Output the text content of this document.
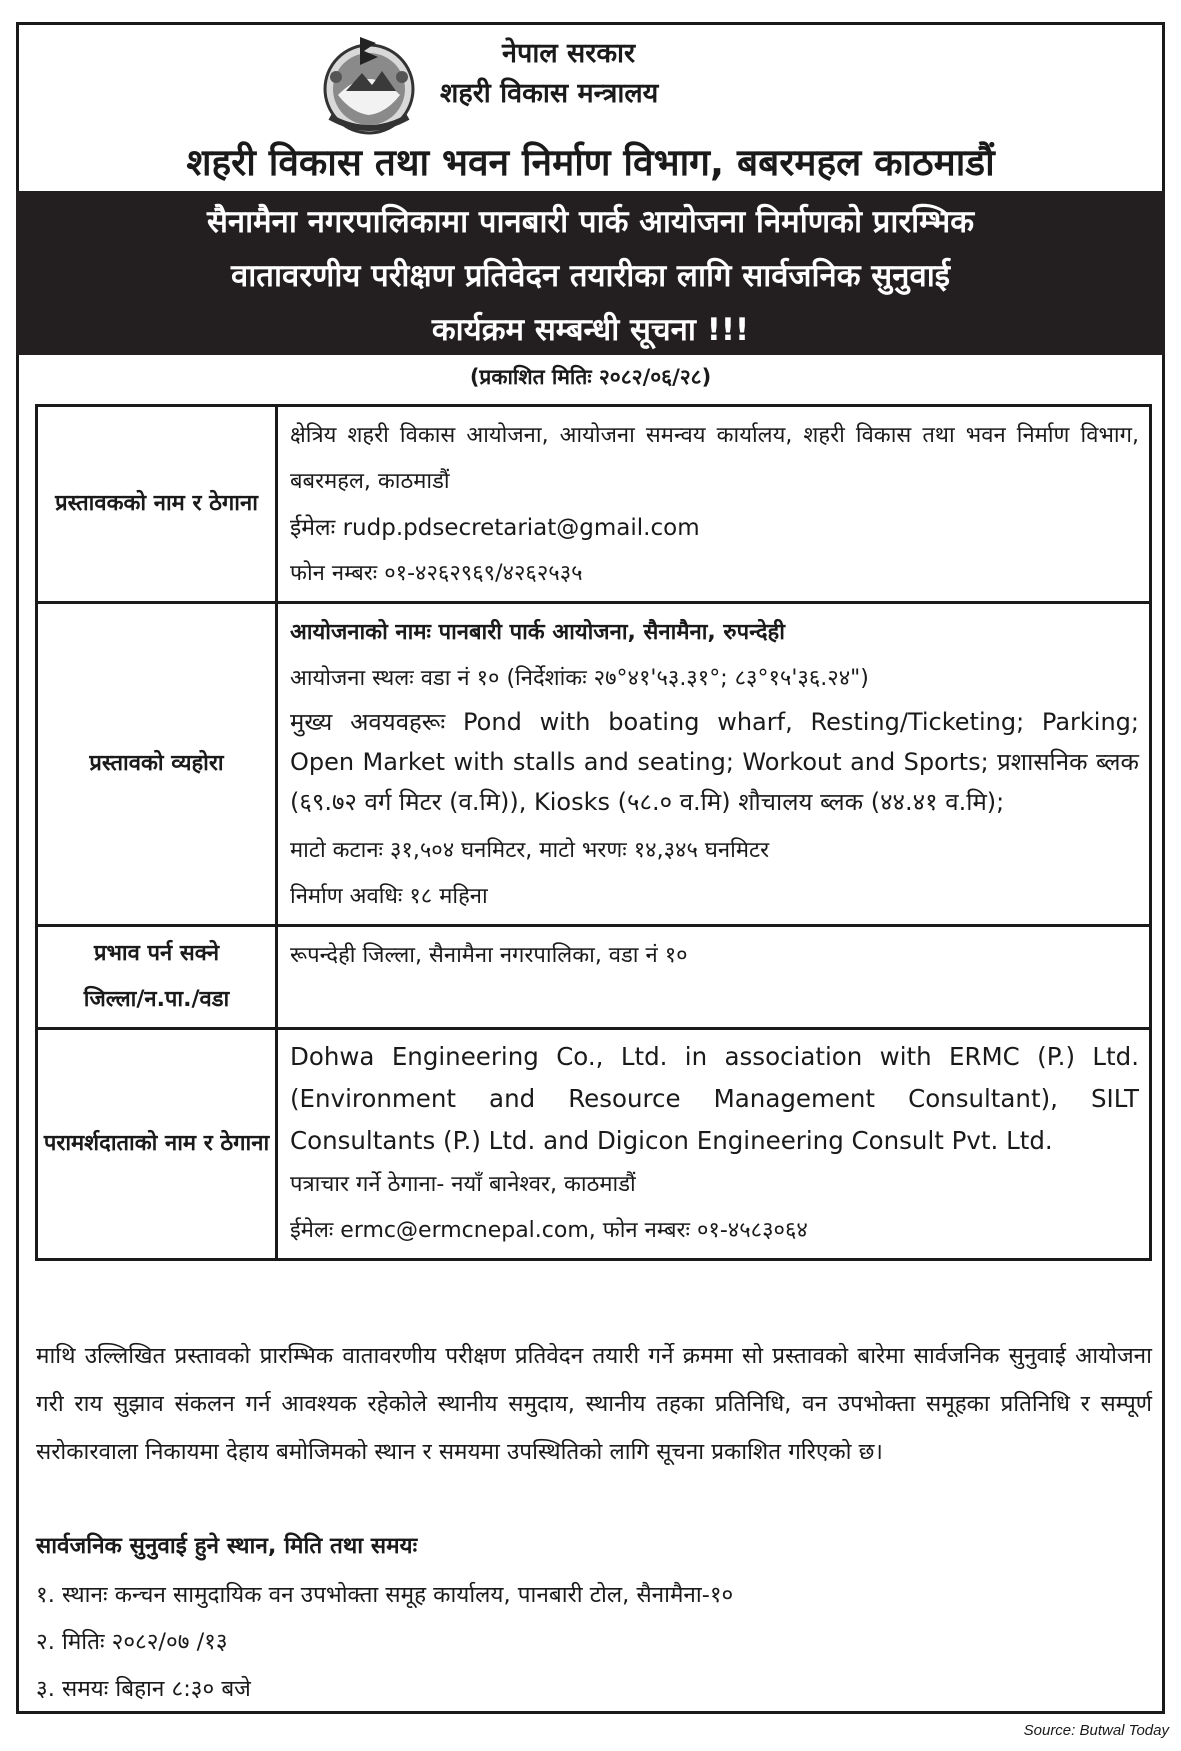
नेपाल सरकार
शहरी विकास मन्त्रालय
शहरी विकास तथा भवन निर्माण विभाग, बबरमहल काठमाडौं
सैनामैना नगरपालिकामा पानबारी पार्क आयोजना निर्माणको प्रारम्भिक
वातावरणीय परीक्षण प्रतिवेदन तयारीका लागि सार्वजनिक सुनुवाई
कार्यक्रम सम्बन्धी सूचना !!!
(प्रकाशित मितिः २०८२/०६/२८)
प्रस्तावकको नाम र ठेगाना	क्षेत्रिय शहरी विकास आयोजना, आयोजना समन्वय कार्यालय, शहरी विकास तथा भवन निर्माण विभाग, बबरमहल, काठमाडौं
ईमेलः rudp.pdsecretariat@gmail.com
फोन नम्बरः ०१-४२६२९६९/४२६२५३५

प्रस्तावको व्यहोरा	आयोजनाको नामः पानबारी पार्क आयोजना, सैनामैना, रुपन्देही
आयोजना स्थलः वडा नं १० (निर्देशांकः २७°४१'५३.३१°; ८३°१५'३६.२४")
मुख्य अवयवहरूः Pond with boating wharf, Resting/Ticketing; Parking; Open Market with stalls and seating; Workout and Sports; प्रशासनिक ब्लक (६९.७२ वर्ग मिटर (व.मि)), Kiosks (५८.० व.मि) शौचालय ब्लक (४४.४१ व.मि);
माटो कटानः ३१,५०४ घनमिटर, माटो भरणः १४,३४५ घनमिटर
निर्माण अवधिः १८ महिना

प्रभाव पर्न सक्ने
जिल्ला/न.पा./वडा	रूपन्देही जिल्ला, सैनामैना नगरपालिका, वडा नं १०

परामर्शदाताको नाम र ठेगाना	Dohwa Engineering Co., Ltd. in association with ERMC (P.) Ltd. (Environment and Resource Management Consultant), SILT Consultants (P.) Ltd. and Digicon Engineering Consult Pvt. Ltd.
पत्राचार गर्ने ठेगाना- नयाँ बानेश्वर, काठमाडौं
ईमेलः ermc@ermcnepal.com, फोन नम्बरः ०१-४५८३०६४
माथि उल्लिखित प्रस्तावको प्रारम्भिक वातावरणीय परीक्षण प्रतिवेदन तयारी गर्ने क्रममा सो प्रस्तावको बारेमा सार्वजनिक सुनुवाई आयोजना गरी राय सुझाव संकलन गर्न आवश्यक रहेकोले स्थानीय समुदाय, स्थानीय तहका प्रतिनिधि, वन उपभोक्ता समूहका प्रतिनिधि र सम्पूर्ण सरोकारवाला निकायमा देहाय बमोजिमको स्थान र समयमा उपस्थितिको लागि सूचना प्रकाशित गरिएको छ।
सार्वजनिक सुनुवाई हुने स्थान, मिति तथा समयः
१. स्थानः कन्चन सामुदायिक वन उपभोक्ता समूह कार्यालय, पानबारी टोल, सैनामैना-१०
२. मितिः २०८२/०७ /१३
३. समयः बिहान ८:३० बजे
Source: Butwal Today
